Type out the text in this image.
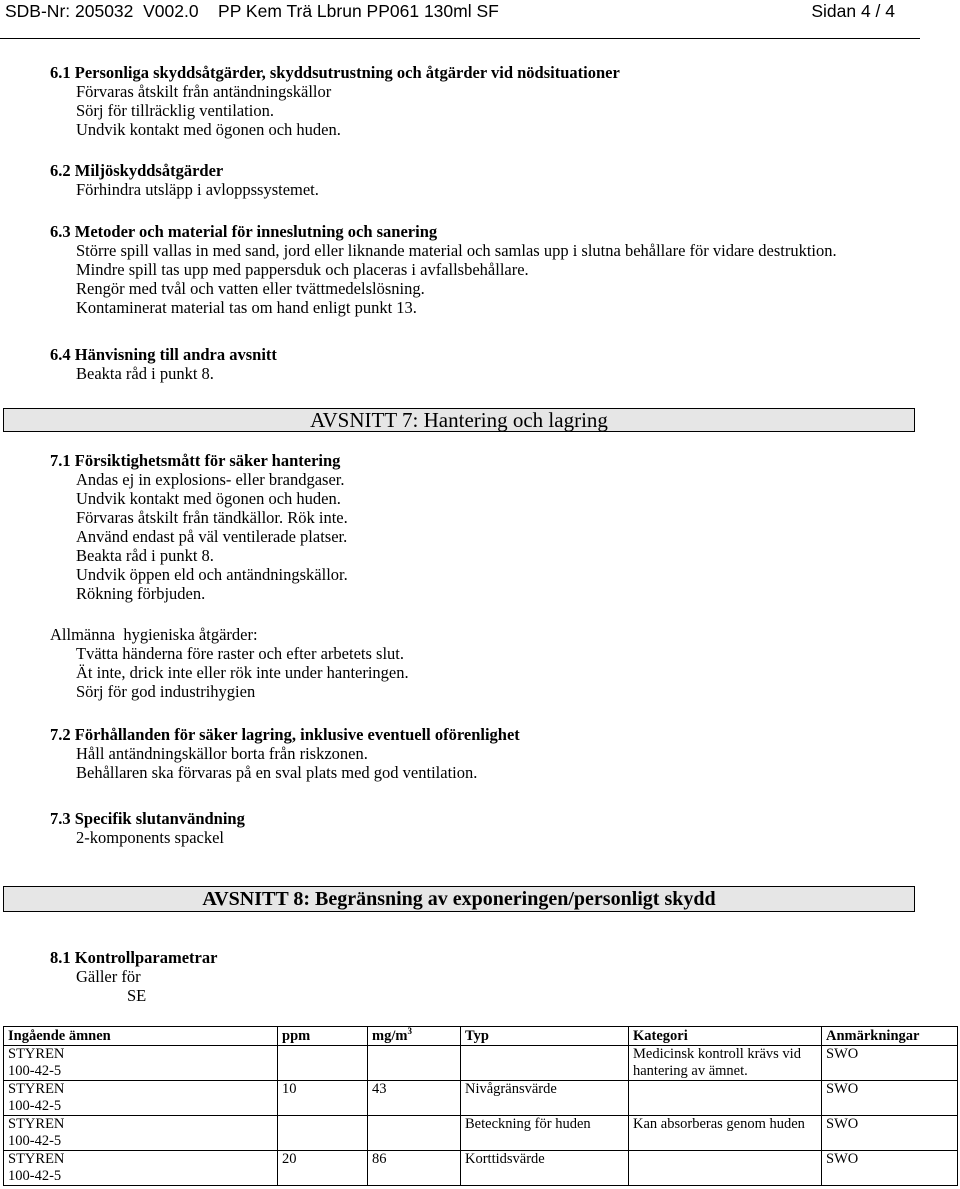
SDB-Nr: 205032  V002.0    PP Kem Trä Lbrun PP061 130ml SF	Sidan 4 / 4
6.1 Personliga skyddsåtgärder, skyddsutrustning och åtgärder vid nödsituationer
Förvaras åtskilt från antändningskällor
Sörj för tillräcklig ventilation.
Undvik kontakt med ögonen och huden.
6.2 Miljöskyddsåtgärder
Förhindra utsläpp i avloppssystemet.
6.3 Metoder och material för inneslutning och sanering
Större spill vallas in med sand, jord eller liknande material och samlas upp i slutna behållare för vidare destruktion.
Mindre spill tas upp med pappersduk och placeras i avfallsbehållare.
Rengör med tvål och vatten eller tvättmedelslösning.
Kontaminerat material tas om hand enligt punkt 13.
6.4 Hänvisning till andra avsnitt
Beakta råd i punkt 8.
AVSNITT 7: Hantering och lagring
7.1 Försiktighetsmått för säker hantering
Andas ej in explosions- eller brandgaser.
Undvik kontakt med ögonen och huden.
Förvaras åtskilt från tändkällor. Rök inte.
Använd endast på väl ventilerade platser.
Beakta råd i punkt 8.
Undvik öppen eld och antändningskällor.
Rökning förbjuden.
Allmänna  hygieniska åtgärder:
Tvätta händerna före raster och efter arbetets slut.
Ät inte, drick inte eller rök inte under hanteringen.
Sörj för god industrihygien
7.2 Förhållanden för säker lagring, inklusive eventuell oförenlighet
Håll antändningskällor borta från riskzonen.
Behållaren ska förvaras på en sval plats med god ventilation.
7.3 Specifik slutanvändning
2-komponents spackel
AVSNITT 8: Begränsning av exponeringen/personligt skydd
8.1 Kontrollparametrar
Gäller för
SE
Ingående ämnen	ppm	$mg/m^3$	Typ	Kategori	Anmärkningar

STYREN
100-42-5				Medicinsk kontroll krävs vid hantering av ämnet.	SWO

STYREN
100-42-5	10	43	Nivågränsvärde		SWO

STYREN
100-42-5			Beteckning för huden	Kan absorberas genom huden	SWO

STYREN
100-42-5	20	86	Korttidsvärde		SWO
